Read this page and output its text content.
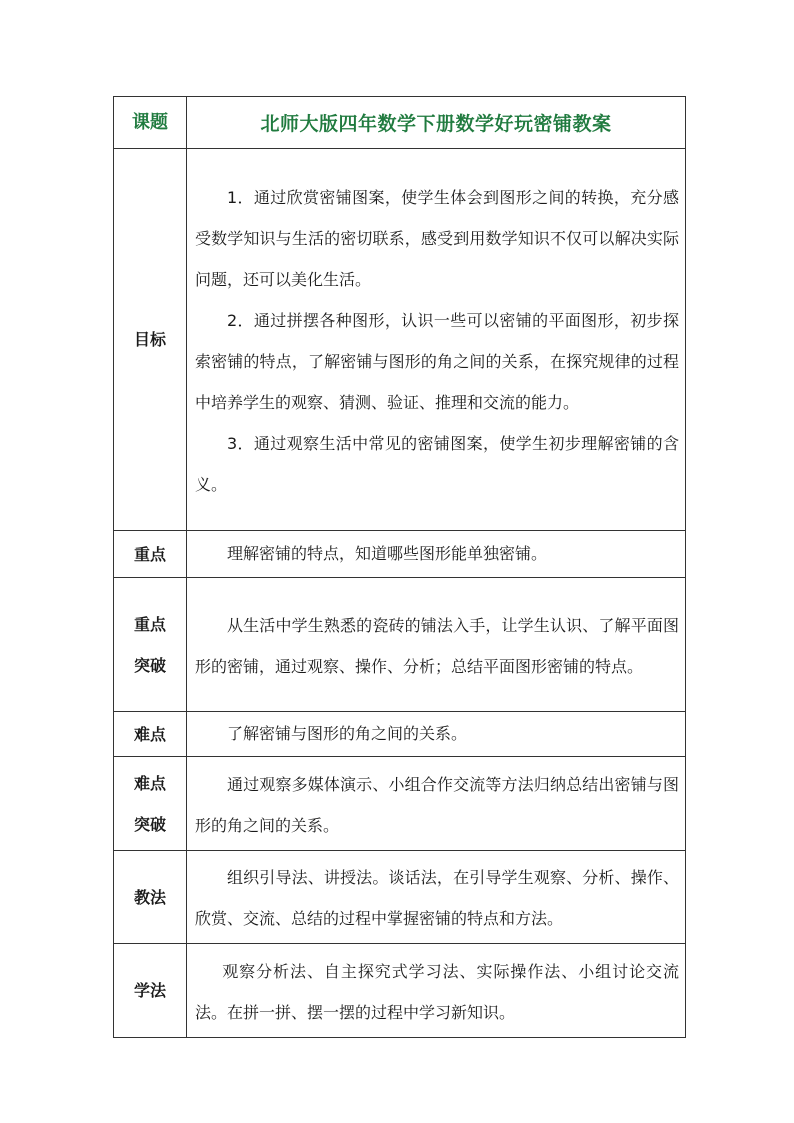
课题	北师大版四年数学下册数学好玩密铺教案
目标	1．通过欣赏密铺图案，使学生体会到图形之间的转换，充分感受数学知识与生活的密切联系，感受到用数学知识不仅可以解决实际问题，还可以美化生活。

2．通过拼摆各种图形，认识一些可以密铺的平面图形，初步探索密铺的特点，了解密铺与图形的角之间的关系，在探究规律的过程中培养学生的观察、猜测、验证、推理和交流的能力。

3．通过观察生活中常见的密铺图案，使学生初步理解密铺的含义。

重点	理解密铺的特点，知道哪些图形能单独密铺。

重点
突破	从生活中学生熟悉的瓷砖的铺法入手，让学生认识、了解平面图形的密铺，通过观察、操作、分析；总结平面图形密铺的特点。

难点	了解密铺与图形的角之间的关系。

难点
突破	通过观察多媒体演示、小组合作交流等方法归纳总结出密铺与图形的角之间的关系。

教法	组织引导法、讲授法。谈话法，在引导学生观察、分析、操作、欣赏、交流、总结的过程中掌握密铺的特点和方法。

学法	观察分析法、自主探究式学习法、实际操作法、小组讨论交流法。在拼一拼、摆一摆的过程中学习新知识。
